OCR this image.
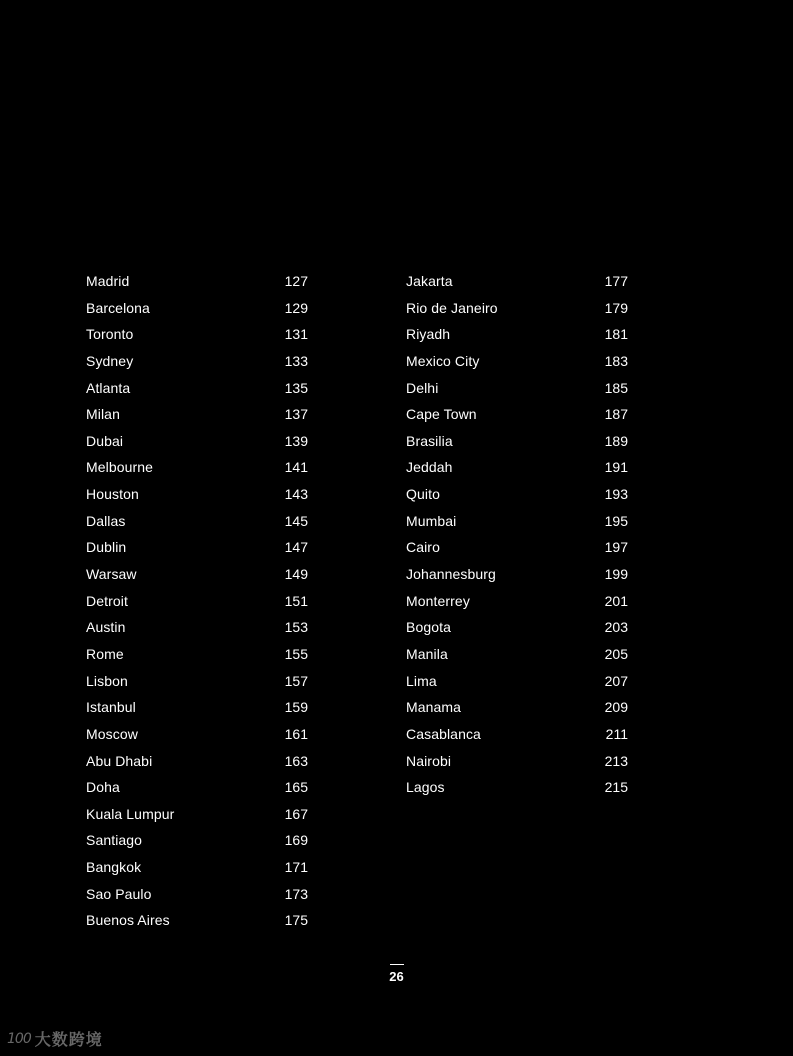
Madrid	127
Barcelona	129
Toronto	131
Sydney	133
Atlanta	135
Milan	137
Dubai	139
Melbourne	141
Houston	143
Dallas	145
Dublin	147
Warsaw	149
Detroit	151
Austin	153
Rome	155
Lisbon	157
Istanbul	159
Moscow	161
Abu Dhabi	163
Doha	165
Kuala Lumpur	167
Santiago	169
Bangkok	171
Sao Paulo	173
Buenos Aires	175
Jakarta	177
Rio de Janeiro	179
Riyadh	181
Mexico City	183
Delhi	185
Cape Town	187
Brasilia	189
Jeddah	191
Quito	193
Mumbai	195
Cairo	197
Johannesburg	199
Monterrey	201
Bogota	203
Manila	205
Lima	207
Manama	209
Casablanca	211
Nairobi	213
Lagos	215
26
100 大数跨境
